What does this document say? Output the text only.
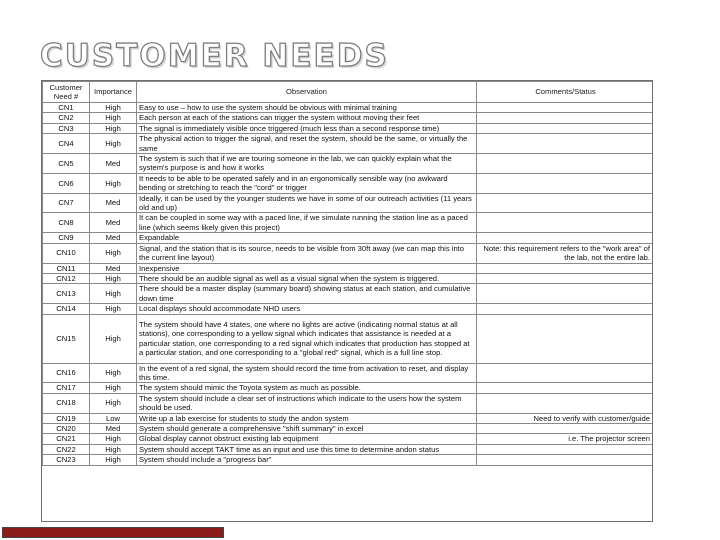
CUSTOMER NEEDS
Customer Need #	Importance	Observation	Comments/Status
CN1	High	Easy to use – how to use the system should be obvious with minimal training	
CN2	High	Each person at each of the stations can trigger the system without moving their feet	
CN3	High	The signal is immediately visible once triggered (much less than a second response time)	
CN4	High	The physical action to trigger the signal, and reset the system, should be the same, or virtually the same	
CN5	Med	The system is such that if we are touring someone in the lab, we can quickly explain what the system's purpose is and how it works	
CN6	High	It needs to be able to be operated safely and in an ergonomically sensible way (no awkward bending or stretching to reach the "cord" or trigger	
CN7	Med	Ideally, it can be used by the younger students we have in some of our outreach activities (11 years old and up)	
CN8	Med	It can be coupled in some way with a paced line, if we simulate running the station line as a paced line (which seems likely given this project)	
CN9	Med	Expandable	
CN10	High	Signal, and the station that is its source, needs to be visible from 30ft away (we can map this into the current line layout)	Note: this requirement refers to the "work area" of the lab, not the entire lab.
CN11	Med	Inexpensive	
CN12	High	There should be an audible signal as well as a visual signal when the system is triggered.	
CN13	High	There should be a master display (summary board) showing status at each station, and cumulative down time	
CN14	High	Local displays should accommodate NHD users	
CN15	High	The system should have 4 states, one where no lights are active (indicating normal status at all stations), one corresponding to a yellow signal which indicates that assistance is needed at a particular station, one corresponding to a red signal which indicates that production has stopped at a particular station, and one corresponding to a "global red" signal, which is a full line stop.	
CN16	High	In the event of a red signal, the system should record the time from activation to reset, and display this time.	
CN17	High	The system should mimic the Toyota system as much as possible.	
CN18	High	The system should include a clear set of instructions which indicate to the users how the system should be used.	
CN19	Low	Write up a lab exercise for students to study the andon system	Need to verify with customer/guide
CN20	Med	System should generate a comprehensive "shift summary" in excel	
CN21	High	Global display cannot obstruct existing lab equipment	i.e. The projector screen
CN22	High	System should accept TAKT time as an input and use this time to determine andon status	
CN23	High	System should include a "progress bar"	
